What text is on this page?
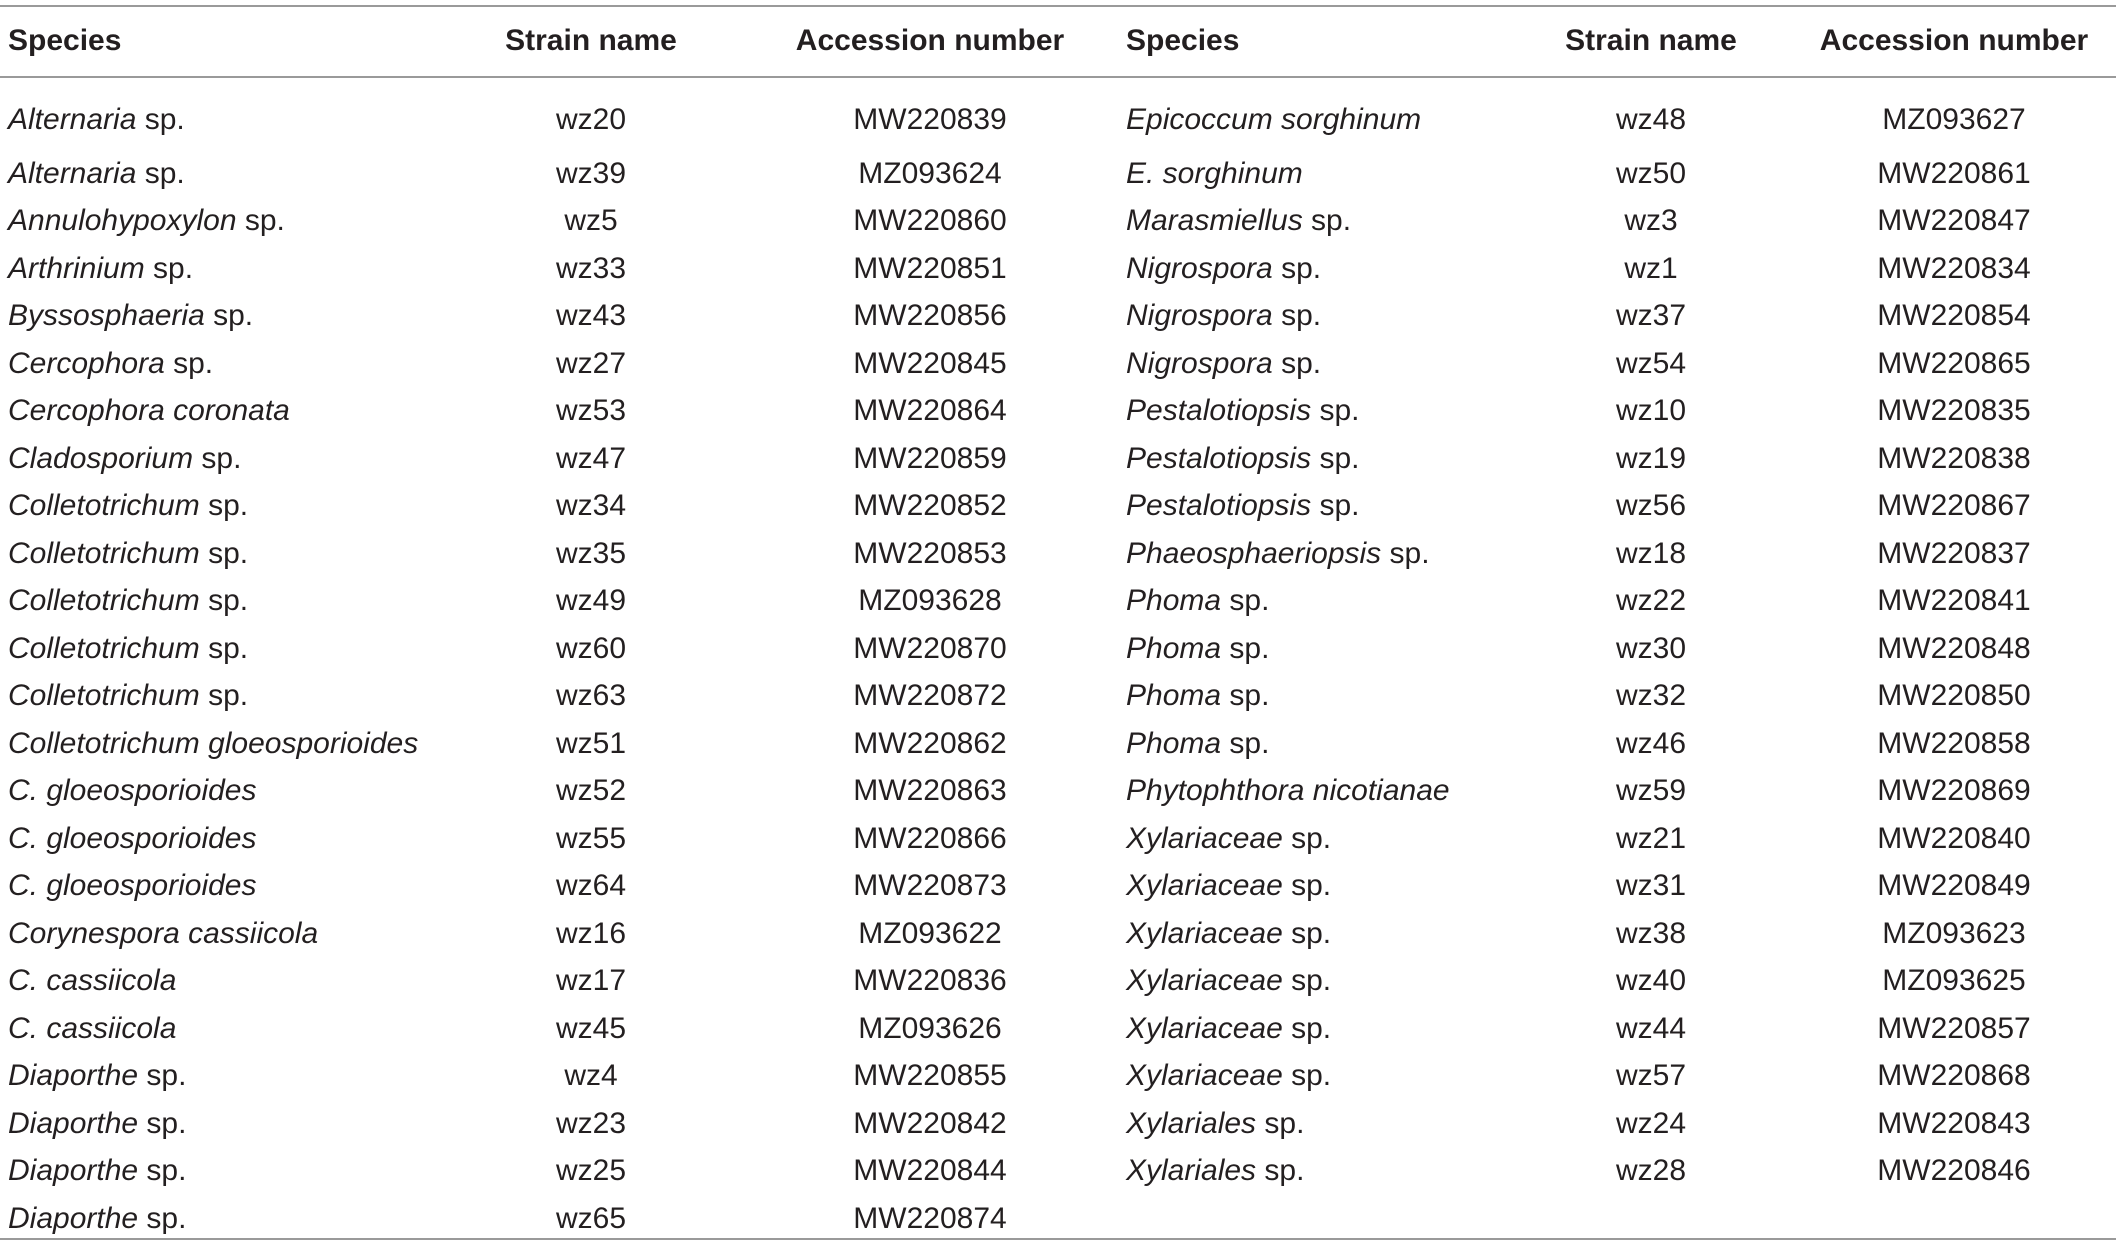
Species	Strain name	Accession number	Species	Strain name	Accession number
Alternaria sp.	wz20	MW220839	Epicoccum sorghinum	wz48	MZ093627
Alternaria sp.	wz39	MZ093624	E. sorghinum	wz50	MW220861
Annulohypoxylon sp.	wz5	MW220860	Marasmiellus sp.	wz3	MW220847
Arthrinium sp.	wz33	MW220851	Nigrospora sp.	wz1	MW220834
Byssosphaeria sp.	wz43	MW220856	Nigrospora sp.	wz37	MW220854
Cercophora sp.	wz27	MW220845	Nigrospora sp.	wz54	MW220865
Cercophora coronata	wz53	MW220864	Pestalotiopsis sp.	wz10	MW220835
Cladosporium sp.	wz47	MW220859	Pestalotiopsis sp.	wz19	MW220838
Colletotrichum sp.	wz34	MW220852	Pestalotiopsis sp.	wz56	MW220867
Colletotrichum sp.	wz35	MW220853	Phaeosphaeriopsis sp.	wz18	MW220837
Colletotrichum sp.	wz49	MZ093628	Phoma sp.	wz22	MW220841
Colletotrichum sp.	wz60	MW220870	Phoma sp.	wz30	MW220848
Colletotrichum sp.	wz63	MW220872	Phoma sp.	wz32	MW220850
Colletotrichum gloeosporioides	wz51	MW220862	Phoma sp.	wz46	MW220858
C. gloeosporioides	wz52	MW220863	Phytophthora nicotianae	wz59	MW220869
C. gloeosporioides	wz55	MW220866	Xylariaceae sp.	wz21	MW220840
C. gloeosporioides	wz64	MW220873	Xylariaceae sp.	wz31	MW220849
Corynespora cassiicola	wz16	MZ093622	Xylariaceae sp.	wz38	MZ093623
C. cassiicola	wz17	MW220836	Xylariaceae sp.	wz40	MZ093625
C. cassiicola	wz45	MZ093626	Xylariaceae sp.	wz44	MW220857
Diaporthe sp.	wz4	MW220855	Xylariaceae sp.	wz57	MW220868
Diaporthe sp.	wz23	MW220842	Xylariales sp.	wz24	MW220843
Diaporthe sp.	wz25	MW220844	Xylariales sp.	wz28	MW220846
Diaporthe sp.	wz65	MW220874			
